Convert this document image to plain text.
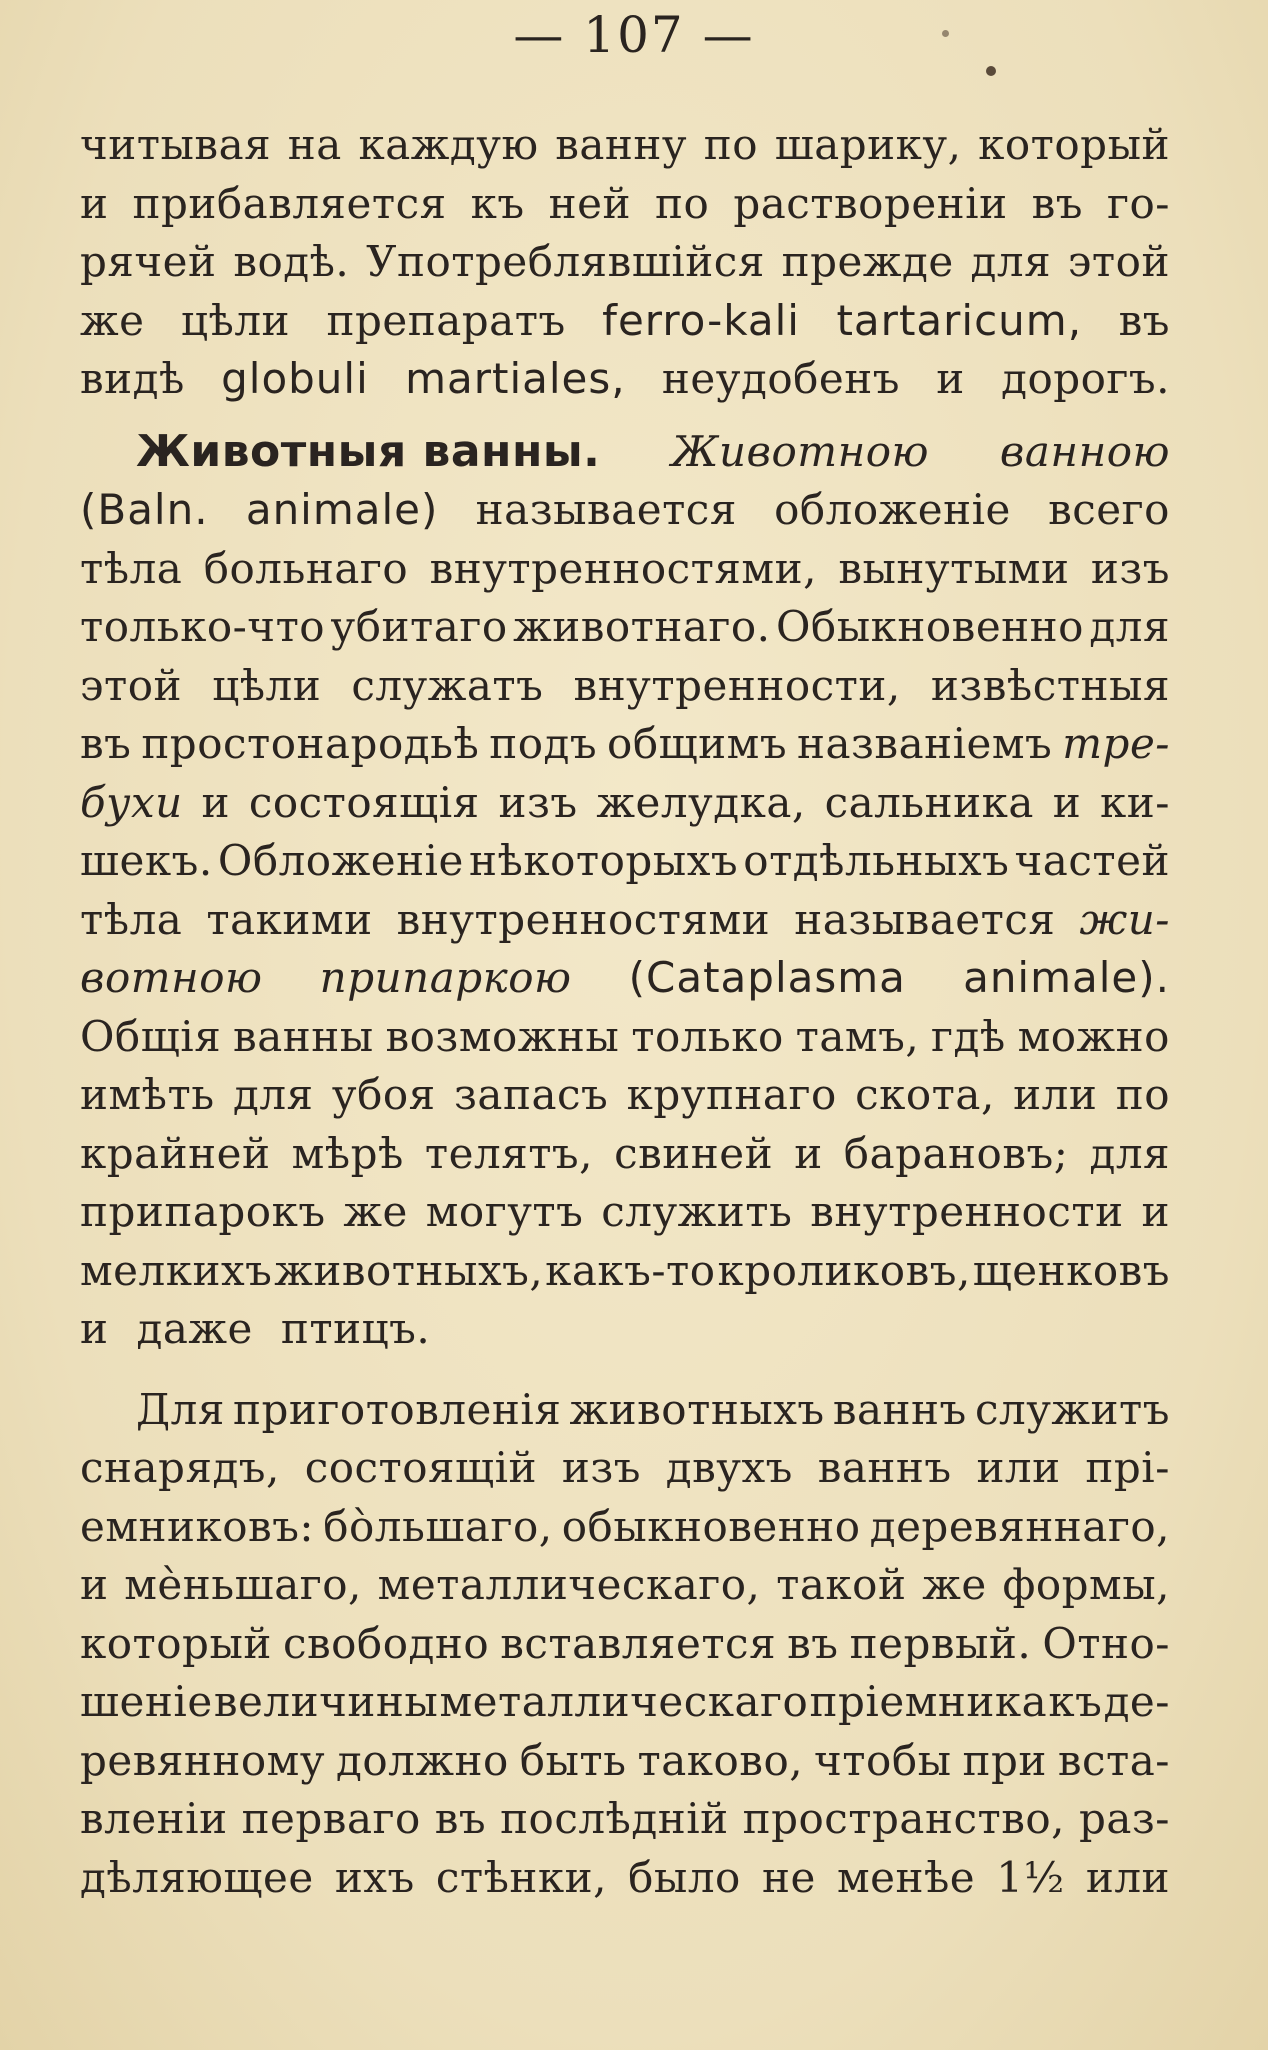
— 107 —
читывая на каждую ванну по шарику, который
и прибавляется къ ней по растворенiи въ го-
рячей водѣ. Употреблявшiйся прежде для этой
же цѣли препаратъ ferro-kali tartaricum, въ
видѣ globuli martiales, неудобенъ и дорогъ.
Животныя ванны. Животною ванною
(Baln. animale) называется обложенiе всего
тѣла больнаго внутренностями, вынутыми изъ
только-что убитаго животнаго. Обыкновенно для
этой цѣли служатъ внутренности, извѣстныя
въ простонародьѣ подъ общимъ названiемъ тре-
бухи и состоящiя изъ желудка, сальника и ки-
шекъ. Обложенiе нѣкоторыхъ отдѣльныхъ частей
тѣла такими внутренностями называется жи-
вотною припаркою (Cataplasma animale).
Общiя ванны возможны только тамъ, гдѣ можно
имѣть для убоя запасъ крупнаго скота, или по
крайней мѣрѣ телятъ, свиней и барановъ; для
припарокъ же могутъ служить внутренности и
мелкихъ животныхъ, какъ-то кроликовъ, щенковъ
и даже птицъ.
Для приготовленiя животныхъ ваннъ служитъ
снарядъ, состоящiй изъ двухъ ваннъ или прi-
емниковъ: бо̀льшаго, обыкновенно деревяннаго,
и мѐньшаго, металлическаго, такой же формы,
который свободно вставляется въ первый. Отно-
шенiе величины металлическаго прiемника къ де-
ревянному должно быть таково, чтобы при вста-
вленiи перваго въ послѣднiй пространство, раз-
дѣляющее ихъ стѣнки, было не менѣе 1½ или
